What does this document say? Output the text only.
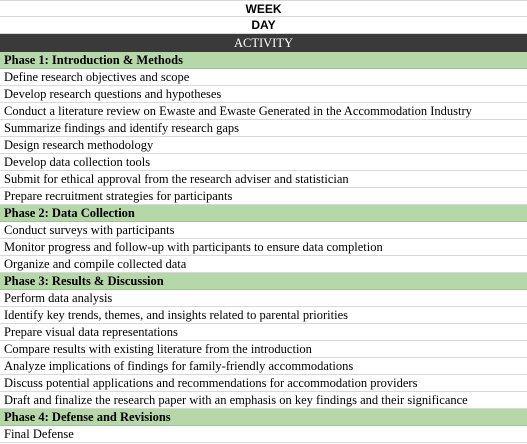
WEEK
DAY
ACTIVITY
Phase 1: Introduction & Methods
Define research objectives and scope
Develop research questions and hypotheses
Conduct a literature review on Ewaste and Ewaste Generated in the Accommodation Industry
Summarize findings and identify research gaps
Design research methodology
Develop data collection tools
Submit for ethical approval from the research adviser and statistician
Prepare recruitment strategies for participants
Phase 2: Data Collection
Conduct surveys with participants
Monitor progress and follow-up with participants to ensure data completion
Organize and compile collected data
Phase 3: Results & Discussion
Perform data analysis
Identify key trends, themes, and insights related to parental priorities
Prepare visual data representations
Compare results with existing literature from the introduction
Analyze implications of findings for family-friendly accommodations
Discuss potential applications and recommendations for accommodation providers
Draft and finalize the research paper with an emphasis on key findings and their significance
Phase 4: Defense and Revisions
Final Defense
